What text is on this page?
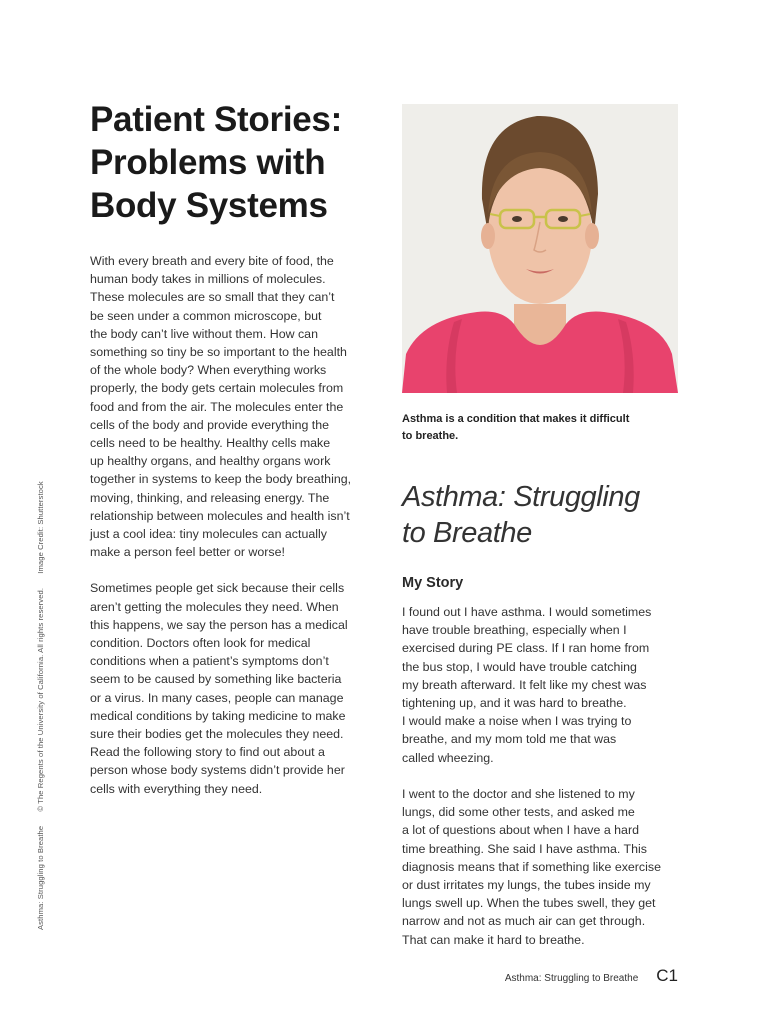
Asthma: Struggling to Breathe © The Regents of the University of California. All rights reserved. Image Credit: Shutterstock
Patient Stories:
Problems with
Body Systems
With every breath and every bite of food, the
human body takes in millions of molecules.
These molecules are so small that they can’t
be seen under a common microscope, but
the body can’t live without them. How can
something so tiny be so important to the health
of the whole body? When everything works
properly, the body gets certain molecules from
food and from the air. The molecules enter the
cells of the body and provide everything the
cells need to be healthy. Healthy cells make
up healthy organs, and healthy organs work
together in systems to keep the body breathing,
moving, thinking, and releasing energy. The
relationship between molecules and health isn’t
just a cool idea: tiny molecules can actually
make a person feel better or worse!
Sometimes people get sick because their cells
aren’t getting the molecules they need. When
this happens, we say the person has a medical
condition. Doctors often look for medical
conditions when a patient’s symptoms don’t
seem to be caused by something like bacteria
or a virus. In many cases, people can manage
medical conditions by taking medicine to make
sure their bodies get the molecules they need.
Read the following story to find out about a
person whose body systems didn’t provide her
cells with everything they need.
Asthma is a condition that makes it difficult
to breathe.
Asthma: Struggling
to Breathe
My Story
I found out I have asthma. I would sometimes
have trouble breathing, especially when I
exercised during PE class. If I ran home from
the bus stop, I would have trouble catching
my breath afterward. It felt like my chest was
tightening up, and it was hard to breathe.
I would make a noise when I was trying to
breathe, and my mom told me that was
called wheezing.
I went to the doctor and she listened to my
lungs, did some other tests, and asked me
a lot of questions about when I have a hard
time breathing. She said I have asthma. This
diagnosis means that if something like exercise
or dust irritates my lungs, the tubes inside my
lungs swell up. When the tubes swell, they get
narrow and not as much air can get through.
That can make it hard to breathe.
Asthma: Struggling to Breathe C1
